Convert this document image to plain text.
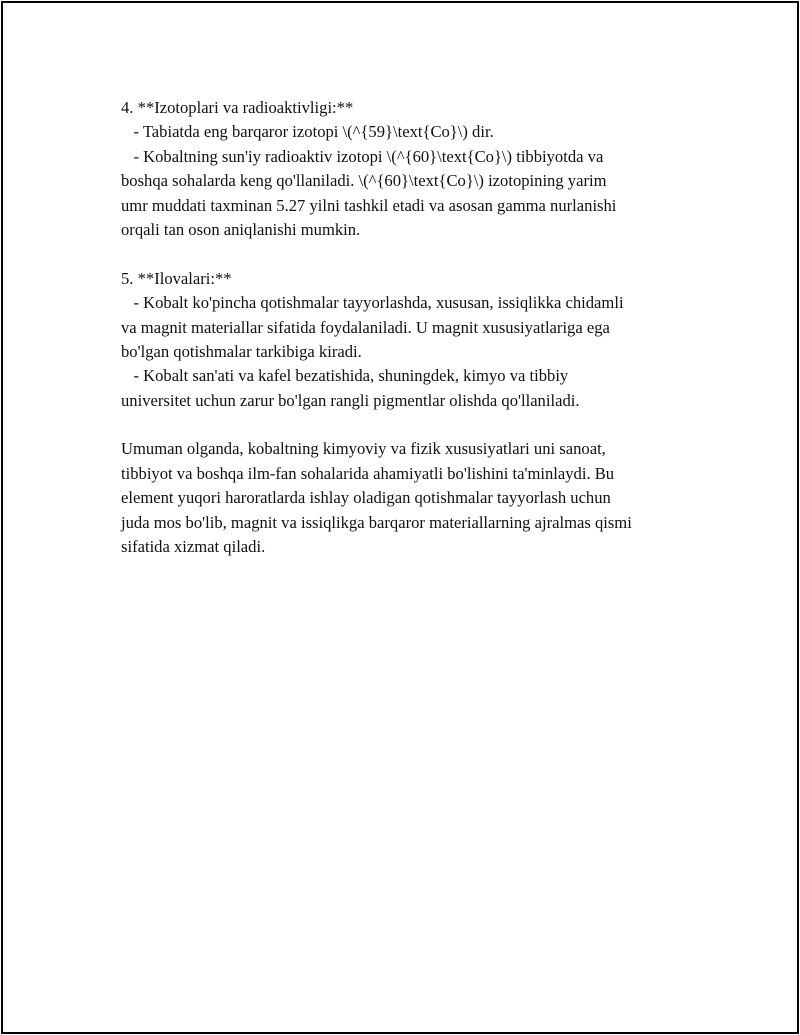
4. **Izotoplari va radioaktivligi:**
- Tabiatda eng barqaror izotopi \(^{59}\text{Co}\) dir.
- Kobaltning sun'iy radioaktiv izotopi \(^{60}\text{Co}\) tibbiyotda va
boshqa sohalarda keng qo'llaniladi. \(^{60}\text{Co}\) izotopining yarim
umr muddati taxminan 5.27 yilni tashkil etadi va asosan gamma nurlanishi
orqali tan oson aniqlanishi mumkin.
5. **Ilovalari:**
- Kobalt ko'pincha qotishmalar tayyorlashda, xususan, issiqlikka chidamli
va magnit materiallar sifatida foydalaniladi. U magnit xususiyatlariga ega
bo'lgan qotishmalar tarkibiga kiradi.
- Kobalt san'ati va kafel bezatishida, shuningdek, kimyo va tibbiy
universitet uchun zarur bo'lgan rangli pigmentlar olishda qo'llaniladi.
Umuman olganda, kobaltning kimyoviy va fizik xususiyatlari uni sanoat,
tibbiyot va boshqa ilm-fan sohalarida ahamiyatli bo'lishini ta'minlaydi. Bu
element yuqori haroratlarda ishlay oladigan qotishmalar tayyorlash uchun
juda mos bo'lib, magnit va issiqlikga barqaror materiallarning ajralmas qismi
sifatida xizmat qiladi.
